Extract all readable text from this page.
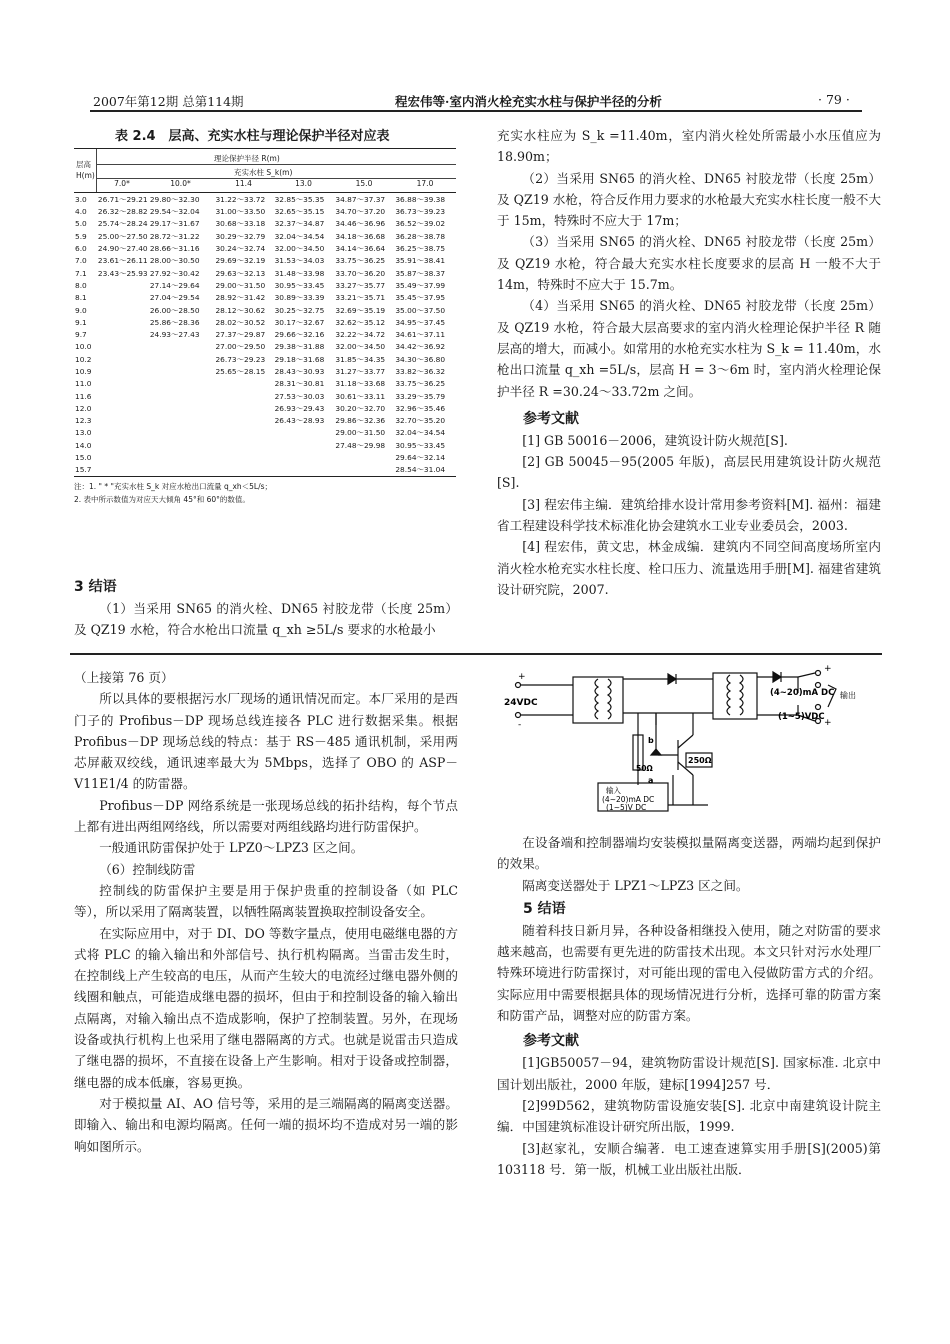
2007年第12期 总第114期	程宏伟等·室内消火栓充实水柱与保护半径的分析	· 79 ·
表 2.4　层高、充实水柱与理论保护半径对应表
层高
H(m)
理论保护半径 R(m)
充实水柱 S_k(m)
7.0*	10.0*	11.4	13.0	15.0	17.0
3.0	26.71～29.21	29.80～32.30	31.22～33.72	32.85～35.35	34.87～37.37	36.88～39.38
4.0	26.32～28.82	29.54～32.04	31.00～33.50	32.65～35.15	34.70～37.20	36.73～39.23
5.0	25.74～28.24	29.17～31.67	30.68～33.18	32.37～34.87	34.46～36.96	36.52～39.02
5.9	25.00～27.50	28.72～31.22	30.29～32.79	32.04～34.54	34.18～36.68	36.28～38.78
6.0	24.90～27.40	28.66～31.16	30.24～32.74	32.00～34.50	34.14～36.64	36.25～38.75
7.0	23.61～26.11	28.00～30.50	29.69～32.19	31.53～34.03	33.75～36.25	35.91～38.41
7.1	23.43～25.93	27.92～30.42	29.63～32.13	31.48～33.98	33.70～36.20	35.87～38.37
8.0		27.14～29.64	29.00～31.50	30.95～33.45	33.27～35.77	35.49～37.99
8.1		27.04～29.54	28.92～31.42	30.89～33.39	33.21～35.71	35.45～37.95
9.0		26.00～28.50	28.12～30.62	30.25～32.75	32.69～35.19	35.00～37.50
9.1		25.86～28.36	28.02～30.52	30.17～32.67	32.62～35.12	34.95～37.45
9.7		24.93～27.43	27.37～29.87	29.66～32.16	32.22～34.72	34.61～37.11
10.0			27.00～29.50	29.38～31.88	32.00～34.50	34.42～36.92
10.2			26.73～29.23	29.18～31.68	31.85～34.35	34.30～36.80
10.9			25.65～28.15	28.43～30.93	31.27～33.77	33.82～36.32
11.0				28.31～30.81	31.18～33.68	33.75～36.25
11.6				27.53～30.03	30.61～33.11	33.29～35.79
12.0				26.93～29.43	30.20～32.70	32.96～35.46
12.3				26.43～28.93	29.86～32.36	32.70～35.20
13.0					29.00～31.50	32.04～34.54
14.0					27.48～29.98	30.95～33.45
15.0						29.64～32.14
15.7						28.54～31.04
注：1. " * "充实水柱 S_k 对应水枪出口流量 q_xh＜5L/s；
2. 表中所示数值为对应天大倾角 45°和 60°的数值。
3 结语

（1）当采用 SN65 的消火栓、DN65 衬胶龙带（长度 25m）及 QZ19 水枪，符合水枪出口流量 q_xh ≥5L/s 要求的水枪最小

充实水柱应为 S_k =11.40m，室内消火栓处所需最小水压值应为 18.90m；

（2）当采用 SN65 的消火栓、DN65 衬胶龙带（长度 25m）及 QZ19 水枪，符合反作用力要求的水枪最大充实水柱长度一般不大于 15m，特殊时不应大于 17m；

（3）当采用 SN65 的消火栓、DN65 衬胶龙带（长度 25m）及 QZ19 水枪，符合最大充实水柱长度要求的层高 H 一般不大于 14m，特殊时不应大于 15.7m。

（4）当采用 SN65 的消火栓、DN65 衬胶龙带（长度 25m）及 QZ19 水枪，符合最大层高要求的室内消火栓理论保护半径 R 随层高的增大，而减小。如常用的水枪充实水柱为 S_k = 11.40m，水枪出口流量 q_xh =5L/s，层高 H = 3～6m 时，室内消火栓理论保护半径 R =30.24～33.72m 之间。

参考文献

[1] GB 50016－2006，建筑设计防火规范[S].

[2] GB 50045－95(2005 年版)，高层民用建筑设计防火规范[S].

[3] 程宏伟主编．建筑给排水设计常用参考资料[M]. 福州：福建省工程建设科学技术标准化协会建筑水工业专业委员会，2003.

[4] 程宏伟，黄文忠，林金成编．建筑内不同空间高度场所室内消火栓水枪充实水柱长度、栓口压力、流量选用手册[M]. 福建省建筑设计研究院，2007.

（上接第 76 页）

所以具体的要根据污水厂现场的通讯情况而定。本厂采用的是西门子的 Profibus－DP 现场总线连接各 PLC 进行数据采集。根据 Profibus－DP 现场总线的特点：基于 RS－485 通讯机制，采用两芯屏蔽双绞线，通讯速率最大为 5Mbps，选择了 OBO 的 ASP－V11E1/4 的防雷器。

Profibus－DP 网络系统是一张现场总线的拓扑结构，每个节点上都有进出两组网络线，所以需要对两组线路均进行防雷保护。

一般通讯防雷保护处于 LPZ0～LPZ3 区之间。

（6）控制线防雷

控制线的防雷保护主要是用于保护贵重的控制设备（如 PLC 等），所以采用了隔离装置，以牺牲隔离装置换取控制设备安全。

在实际应用中，对于 DI、DO 等数字量点，使用电磁继电器的方式将 PLC 的输入输出和外部信号、执行机构隔离。当雷击发生时，在控制线上产生较高的电压，从而产生较大的电流经过继电器外侧的线圈和触点，可能造成继电器的损坏，但由于和控制设备的输入输出点隔离，对输入输出点不造成影响，保护了控制装置。另外，在现场设备或执行机构上也采用了继电器隔离的方式。也就是说雷击只造成了继电器的损坏，不直接在设备上产生影响。相对于设备或控制器，继电器的成本低廉，容易更换。

对于模拟量 AI、AO 信号等，采用的是三端隔离的隔离变送器。即输入、输出和电源均隔离。任何一端的损坏均不造成对另一端的影响如图所示。

24VDC
+
-
+
(4~20)mA DC 输出
+
(1~5)VDC
250Ω
50Ω
b
a
输入
(4~20)mA DC
(1~5)V DC

在设备端和控制器端均安装模拟量隔离变送器，两端均起到保护的效果。

隔离变送器处于 LPZ1～LPZ3 区之间。

5 结语

随着科技日新月异，各种设备相继投入使用，随之对防雷的要求越来越高，也需要有更先进的防雷技术出现。本文只针对污水处理厂特殊环境进行防雷探讨，对可能出现的雷电入侵做防雷方式的介绍。实际应用中需要根据具体的现场情况进行分析，选择可靠的防雷方案和防雷产品，调整对应的防雷方案。

参考文献

[1]GB50057－94，建筑物防雷设计规范[S]. 国家标准. 北京中国计划出版社，2000 年版，建标[1994]257 号．

[2]99D562，建筑物防雷设施安装[S]. 北京中南建筑设计院主编．中国建筑标准设计研究所出版，1999.

[3]赵家礼，安顺合编著．电工速查速算实用手册[S](2005)第 103118 号．第一版，机械工业出版社出版．
